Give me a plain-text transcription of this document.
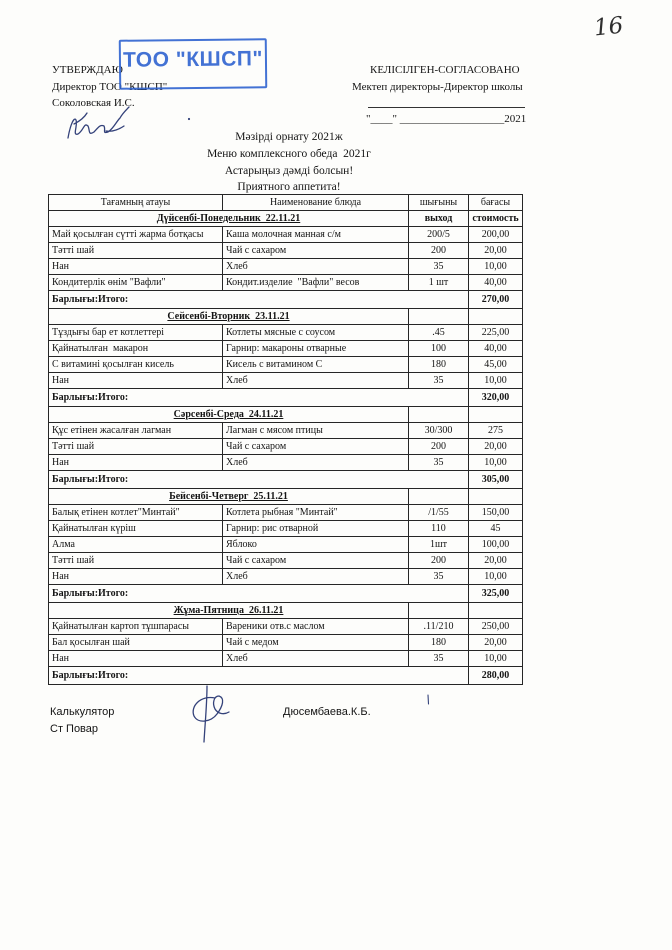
16
УТВЕРЖДАЮ
Директор ТОО "КШСП"
Соколовская И.С.
ТОО "КШСП"	КЕЛІСІЛГЕН-СОГЛАСОВАНО
Мектеп директоры-Директор школы
"____" ___________________2021
Мәзірді орнату 2021ж
Меню комплексного обеда  2021г
Астарыңыз дәмді болсын!
Приятного аппетита!
Тағамның атауы	Наименование блюда	шығыны	бағасы
Дүйсенбі-Понедельник  22.11.21		выход	стоимость
Май қосылған сүтті жарма ботқасы	Каша молочная манная с/м	200/5	200,00
Тәтті шай	Чай с сахаром	200	20,00
Нан	Хлеб	35	10,00
Кондитерлік өнім "Вафли"	Кондит.изделие  "Вафли" весов	1 шт	40,00
Барлығы:Итого:			270,00
Сейсенбі-Вторник  23.11.21			
Тұздығы бар ет котлеттері	Котлеты мясные с соусом	.45	225,00
Қайнатылған  макарон	Гарнир: макароны отварные	100	40,00
С витамині қосылған кисель	Кисель с витамином С	180	45,00
Нан	Хлеб	35	10,00
Барлығы:Итого:			320,00
Сәрсенбі-Среда  24.11.21			
Құс етінен жасалған лагман	Лагман с мясом птицы	30/300	275
Тәтті шай	Чай с сахаром	200	20,00
Нан	Хлеб	35	10,00
Барлығы:Итого:			305,00
Бейсенбі-Четверг  25.11.21			
Балық етінен котлет"Минтай"	Котлета рыбная "Минтай"	/1/55	150,00
Қайнатылған күріш	Гарнир: рис отварной	110	45
Алма	Яблоко	1шт	100,00
Тәтті шай	Чай с сахаром	200	20,00
Нан	Хлеб	35	10,00
Барлығы:Итого:			325,00
Жұма-Пятница  26.11.21			
Қайнатылған картоп тұшпарасы	Вареники отв.с маслом	.11/210	250,00
Бал қосылған шай	Чай с медом	180	20,00
Нан	Хлеб	35	10,00
Барлығы:Итого:			280,00
Калькулятор
Ст Повар
Дюсембаева.К.Б.
